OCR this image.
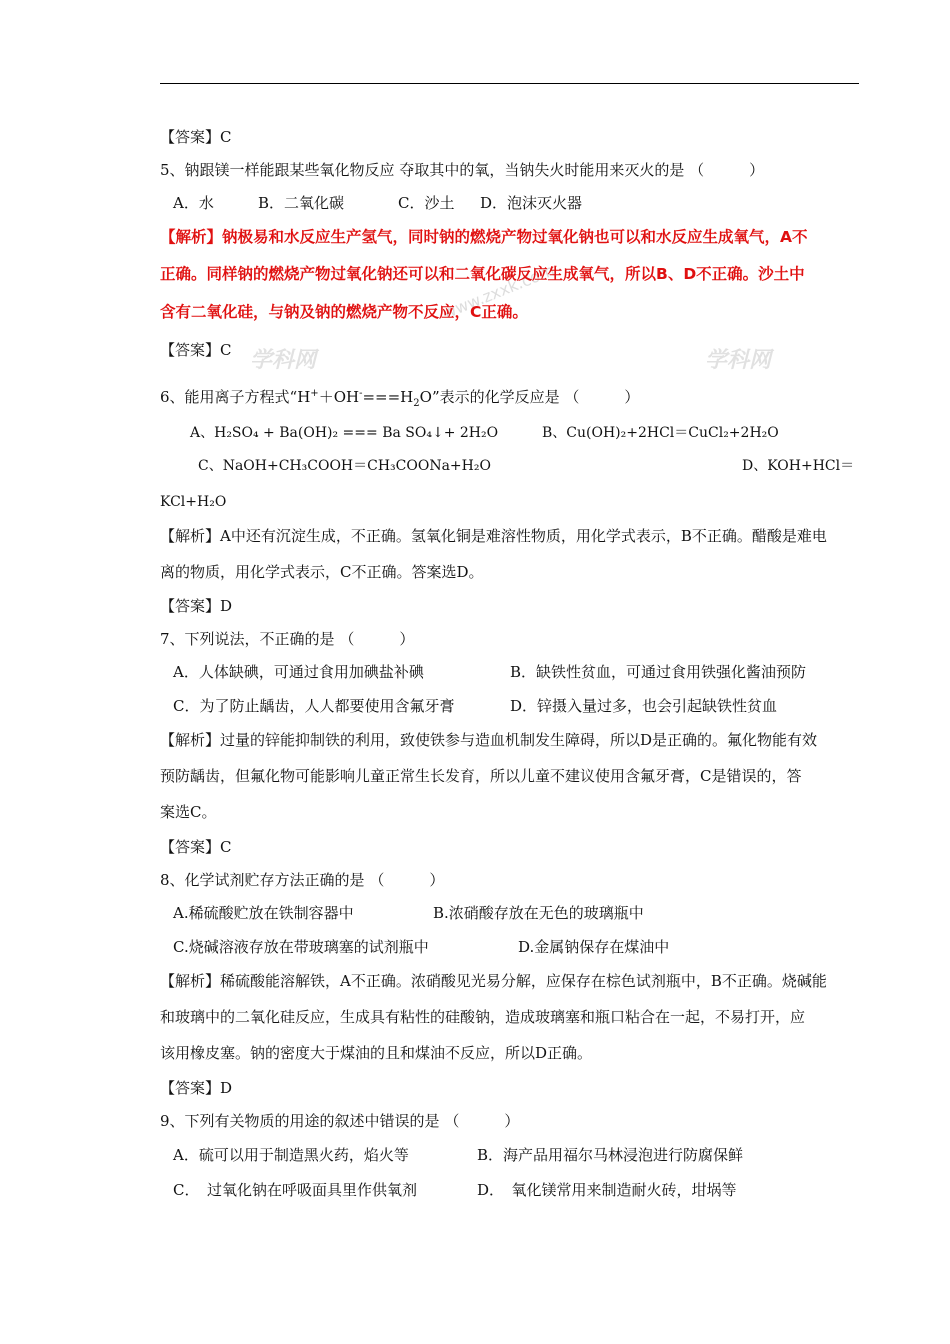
学科网	学科网
www.zxxk.com
【答案】C
5、钠跟镁一样能跟某些氧化物反应 夺取其中的氧，当钠失火时能用来灭火的是 （　　　）
A．水	B．二氧化碳	C．沙土 D．泡沫灭火器
【解析】钠极易和水反应生产氢气，同时钠的燃烧产物过氧化钠也可以和水反应生成氧气，A不
正确。同样钠的燃烧产物过氧化钠还可以和二氧化碳反应生成氧气，所以B、D不正确。沙土中
含有二氧化硅，与钠及钠的燃烧产物不反应，C正确。
【答案】C
6、能用离子方程式“$H^++OH^-===H_2O$”表示的化学反应是 （　　　）
A、H₂SO₄ + Ba(OH)₂ === Ba SO₄↓+ 2H₂O	B、Cu(OH)₂+2HCl＝CuCl₂+2H₂O
C、NaOH+CH₃COOH＝CH₃COONa+H₂O	D、KOH+HCl＝
KCl+H₂O
【解析】A中还有沉淀生成，不正确。氢氧化铜是难溶性物质，用化学式表示，B不正确。醋酸是难电
离的物质，用化学式表示，C不正确。答案选D。
【答案】D
7、下列说法，不正确的是 （　　　）
A．人体缺碘，可通过食用加碘盐补碘	B．缺铁性贫血，可通过食用铁强化酱油预防
C．为了防止龋齿，人人都要使用含氟牙膏	D．锌摄入量过多，也会引起缺铁性贫血
【解析】过量的锌能抑制铁的利用，致使铁参与造血机制发生障碍，所以D是正确的。氟化物能有效
预防龋齿，但氟化物可能影响儿童正常生长发育，所以儿童不建议使用含氟牙膏，C是错误的，答
案选C。
【答案】C
8、化学试剂贮存方法正确的是 （　　　）
A.稀硫酸贮放在铁制容器中	B.浓硝酸存放在无色的玻璃瓶中
C.烧碱溶液存放在带玻璃塞的试剂瓶中	D.金属钠保存在煤油中
【解析】稀硫酸能溶解铁，A不正确。浓硝酸见光易分解，应保存在棕色试剂瓶中，B不正确。烧碱能
和玻璃中的二氧化硅反应，生成具有粘性的硅酸钠，造成玻璃塞和瓶口粘合在一起，不易打开，应
该用橡皮塞。钠的密度大于煤油的且和煤油不反应，所以D正确。
【答案】D
9、下列有关物质的用途的叙述中错误的是 （　　　）
A．硫可以用于制造黑火药，焰火等	B．海产品用福尔马林浸泡进行防腐保鲜
C．　过氧化钠在呼吸面具里作供氧剂	D．　氧化镁常用来制造耐火砖，坩埚等
